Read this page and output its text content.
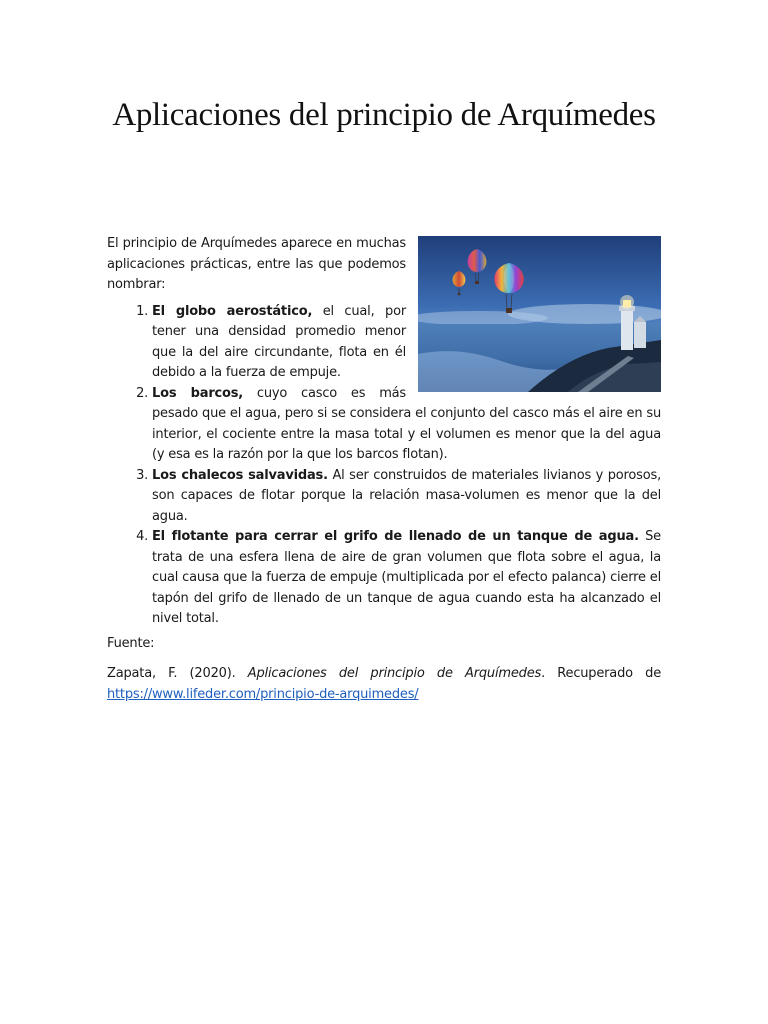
Aplicaciones del principio de Arquímedes

El principio de Arquímedes aparece en muchas aplicaciones prácticas, entre las que podemos nombrar:

1. El globo aerostático, el cual, por tener una densidad promedio menor que la del aire circundante, flota en él debido a la fuerza de empuje.
2. Los barcos, cuyo casco es más pesado que el agua, pero si se considera el conjunto del casco más el aire en su interior, el cociente entre la masa total y el volumen es menor que la del agua (y esa es la razón por la que los barcos flotan).
3. Los chalecos salvavidas. Al ser construidos de materiales livianos y porosos, son capaces de flotar porque la relación masa-volumen es menor que la del agua.
4. El flotante para cerrar el grifo de llenado de un tanque de agua. Se trata de una esfera llena de aire de gran volumen que flota sobre el agua, la cual causa que la fuerza de empuje (multiplicada por el efecto palanca) cierre el tapón del grifo de llenado de un tanque de agua cuando esta ha alcanzado el nivel total.

Fuente:

Zapata, F. (2020). Aplicaciones del principio de Arquímedes. Recuperado de https://www.lifeder.com/principio-de-arquimedes/
